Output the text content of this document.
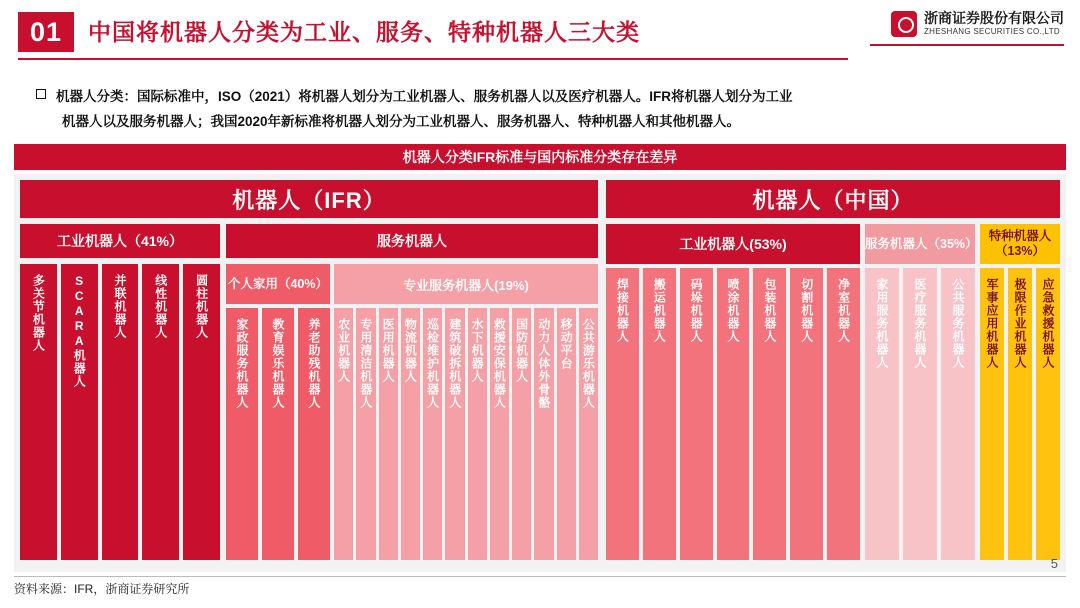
01	中国将机器人分类为工业、服务、特种机器人三大类
浙商证券股份有限公司
ZHESHANG SECURITIES CO.,LTD
机器人分类：国际标准中，ISO（2021）将机器人划分为工业机器人、服务机器人以及医疗机器人。IFR将机器人划分为工业
机器人以及服务机器人；我国2020年新标准将机器人划分为工业机器人、服务机器人、特种机器人和其他机器人。
机器人分类IFR标准与国内标准分类存在差异
机器人（IFR）
工业机器人（41%）
多关节机器人 SCARA机器人 并联机器人 线性机器人 圆柱机器人
服务机器人
个人家用（40%）
家政服务机器人 教育娱乐机器人 养老助残机器人
专业服务机器人(19%)
农业机器人 专用清洁机器人 医用机器人 物流机器人 巡检维护机器人 建筑破拆机器人 水下机器人 救援安保机器人 国防机器人 动力人体外骨骼 移动平台 公共游乐机器人
机器人（中国）
工业机器人(53%)
焊接机器人 搬运机器人 码垛机器人 喷涂机器人 包装机器人 切割机器人 净室机器人
服务机器人（35%）
家用服务机器人 医疗服务机器人 公共服务机器人
特种机器人（13%）
军事应用机器人 极限作业机器人 应急救援机器人
5
资料来源：IFR，浙商证券研究所
